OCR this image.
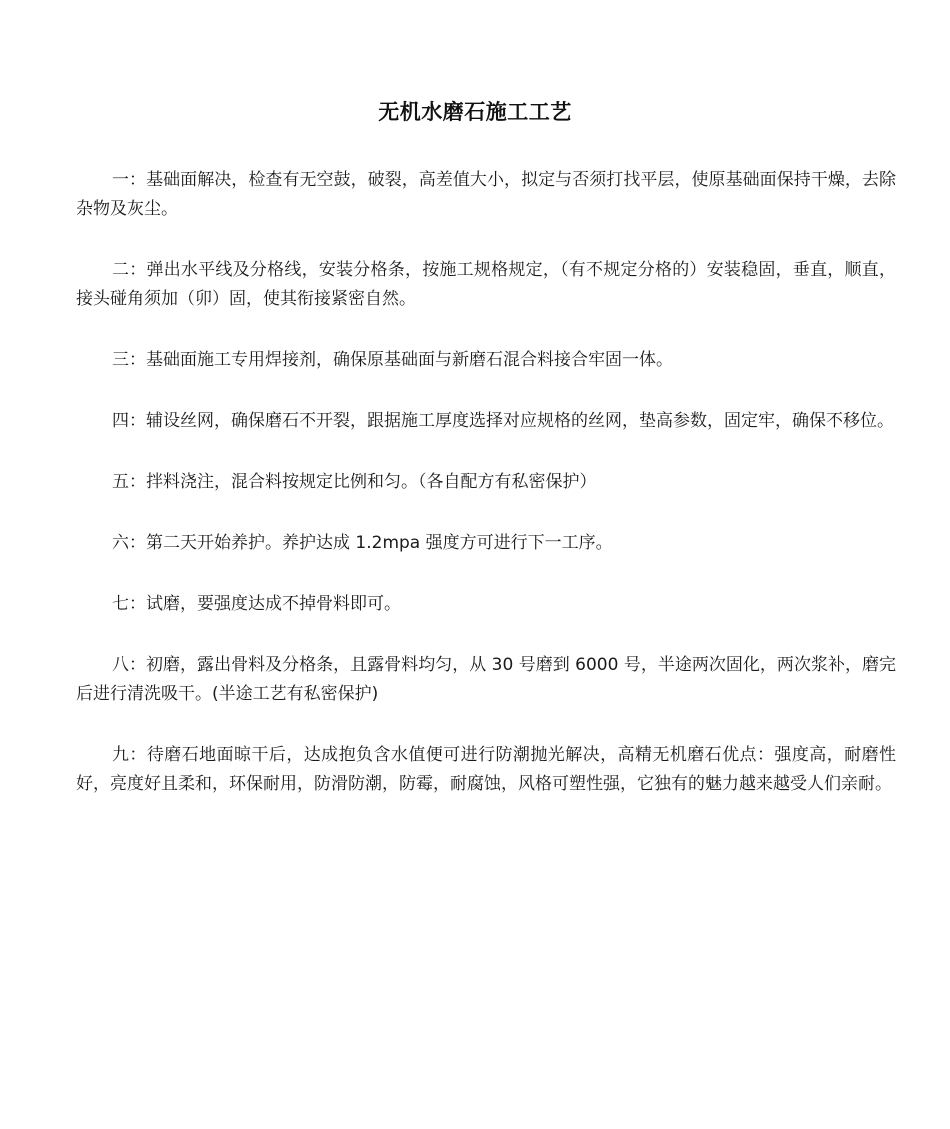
无机水磨石施工工艺

一：基础面解决，检查有无空鼓，破裂，高差值大小，拟定与否须打找平层，使原基础面保持干燥，去除杂物及灰尘。

二：弹出水平线及分格线，安装分格条，按施工规格规定，（有不规定分格的）安装稳固，垂直，顺直，接头碰角须加（卯）固，使其衔接紧密自然。

三：基础面施工专用焊接剂，确保原基础面与新磨石混合料接合牢固一体。

四：辅设丝网，确保磨石不开裂，跟据施工厚度选择对应规格的丝网，垫高参数，固定牢，确保不移位。

五：拌料浇注，混合料按规定比例和匀。（各自配方有私密保护）

六：第二天开始养护。养护达成 1.2mpa 强度方可进行下一工序。

七：试磨，要强度达成不掉骨料即可。

八：初磨，露出骨料及分格条，且露骨料均匀，从 30 号磨到 6000 号，半途两次固化，两次浆补，磨完后进行清洗吸干。(半途工艺有私密保护)

九：待磨石地面晾干后，达成抱负含水值便可进行防潮抛光解决，高精无机磨石优点：强度高，耐磨性好，亮度好且柔和，环保耐用，防滑防潮，防霉，耐腐蚀，风格可塑性强，它独有的魅力越来越受人们亲耐。
